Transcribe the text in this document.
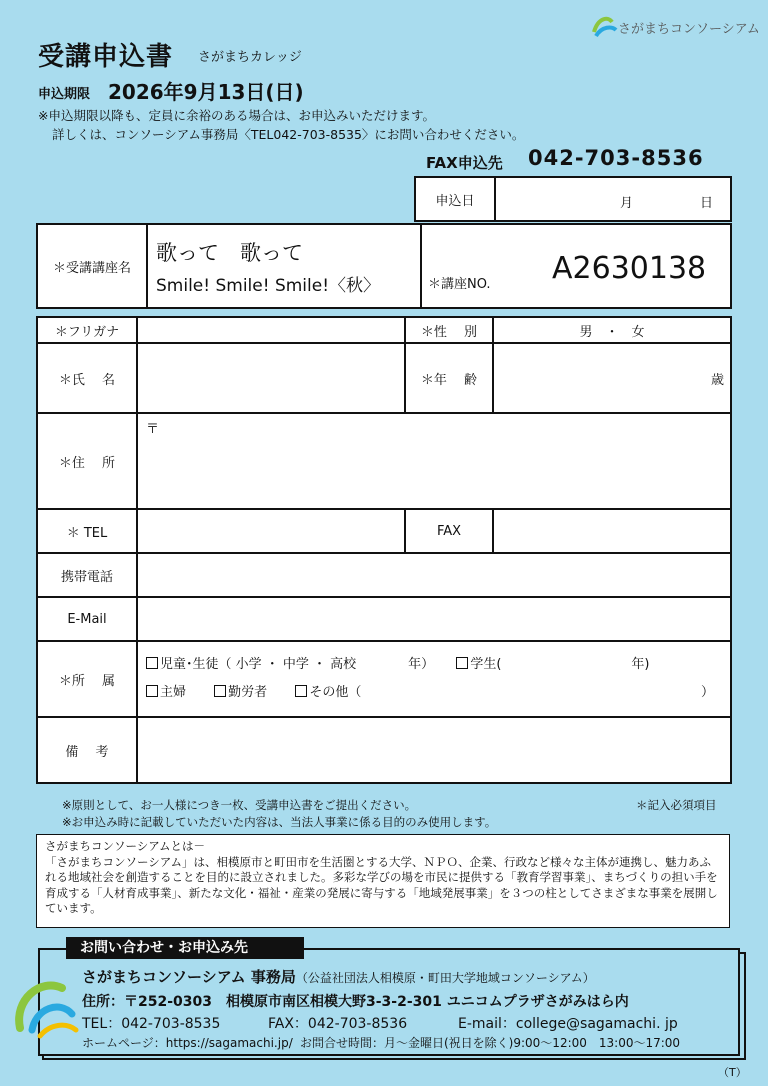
受講申込書 さがまちカレッジ
さがまちコンソーシアム
申込期限 2026年9月13日(日)
※申込期限以降も、定員に余裕のある場合は、お申込みいただけます。
詳しくは、コンソーシアム事務局〈TEL042-703-8535〉にお問い合わせください。
FAX申込先 042-703-8536
申込日	月	日
＊受講講座名	
歌って　歌って
Smile! Smile! Smile!〈秋〉	＊講座NO. A2630138
＊フリガナ		＊性　 別	男　・　女
＊氏　 名		＊年　 齢	歳
＊住　 所	〒		
＊ TEL		FAX	
携帯電話			
E-Mail			
＊所　 属	児童･生徒（ 小学 ・ 中学 ・ 高校　　　　年） 学生(　　　　　　　　　　年)
主婦 勤労者 その他（ ）		

備　 考			
※原則として、お一人様につき一枚、受講申込書をご提出ください。
※お申込み時に記載していただいた内容は、当法人事業に係る目的のみ使用します。
＊記入必須項目
さがまちコンソーシアムとは－
「さがまちコンソーシアム」は、相模原市と町田市を生活圏とする大学、ＮＰＯ、企業、行政など様々な主体が連携し、魅力あふれる地域社会を創造することを目的に設立されました。多彩な学びの場を市民に提供する「教育学習事業」、まちづくりの担い手を育成する「人材育成事業」、新たな文化・福祉・産業の発展に寄与する「地域発展事業」を３つの柱としてさまざまな事業を展開しています。
お問い合わせ・お申込み先
さがまちコンソーシアム 事務局（公益社団法人相模原・町田大学地域コンソーシアム）
住所：〒252-0303　相模原市南区相模大野3-3-2-301 ユニコムプラザさがみはら内
TEL：042-703-8535	FAX：042-703-8536	E-mail：college@sagamachi. jp
ホームページ：https://sagamachi.jp/ お問合せ時間：月～金曜日(祝日を除く)9:00～12:00　13:00～17:00
（T）
